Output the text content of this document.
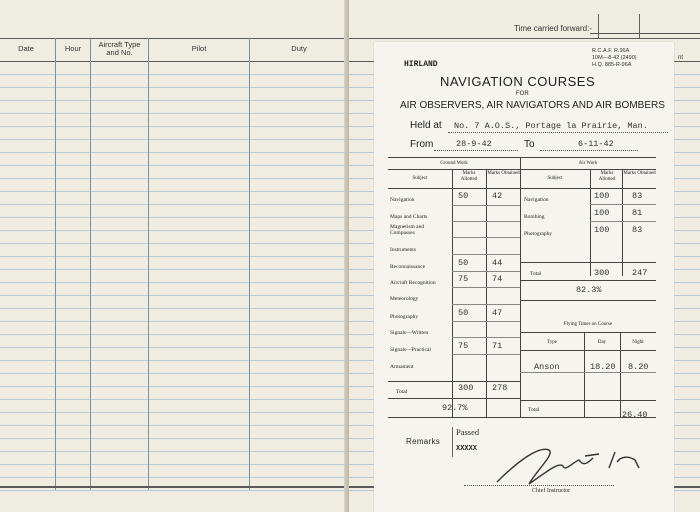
Date	Hour	Aircraft Type and No.	Pilot	Duty
Time carried forward:-
nt
R.C.A.F. R.96A
10M—8-42 (2490)
H.Q. 885-R-96A
HIRLAND
NAVIGATION COURSES
FOR
AIR OBSERVERS, AIR NAVIGATORS AND AIR BOMBERS
Held at No. 7 A.O.S., Portage la Prairie, Man.
From	28-9-42	To	6-11-42
Ground Work	Air Work
Subject
Marks Allotted
Marks Obtained
Subject
Marks Allotted
Marks Obtained
Navigation	50	42
Maps and Charts
Magnetism and Compasses
Instruments
Reconnaissance	50	44
Aircraft Recognition	75	74
Meteorology
Photography	50	47
Signals—Written
Signals—Practical	75	71
Armament
Total	300 278
92.7%
Navigation	100	83
Bombing	100	81
Photography	100	83
Total	300	247
82.3%
Flying Times on Course
Type	Day	Night
Anson	18.20 8.20
Total	26.40
Remarks
Passed
XXXXX
Chief Instructor
